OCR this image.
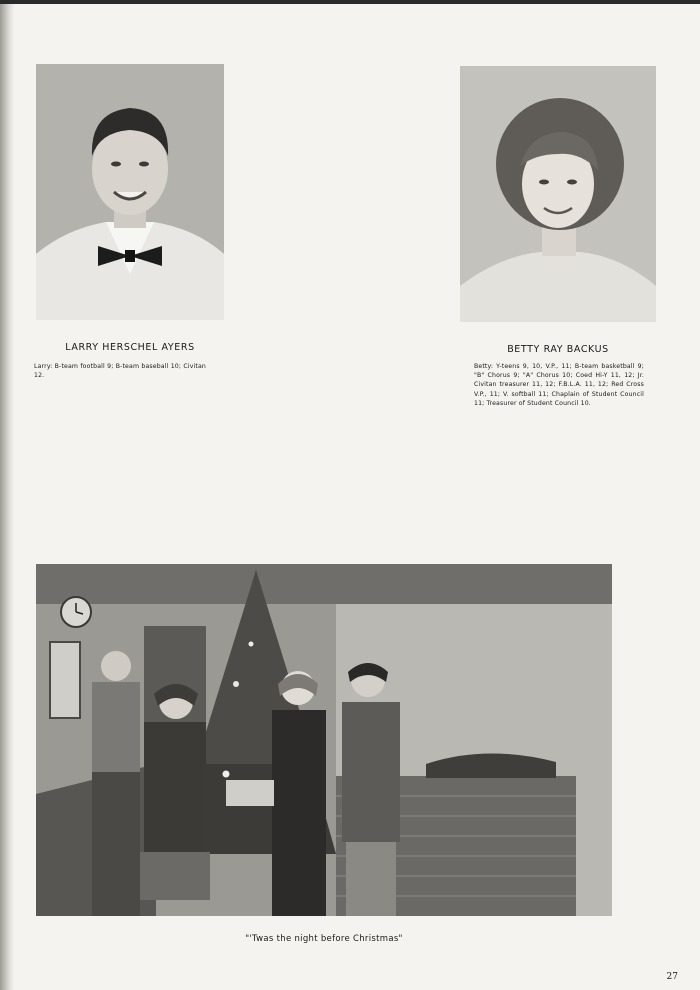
LARRY HERSCHEL AYERS
Larry: B-team football 9; B-team baseball 10; Civitan 12.
BETTY RAY BACKUS
Betty: Y-teens 9, 10, V.P., 11; B-team basketball 9; "B" Chorus 9; "A" Chorus 10; Coed Hi-Y 11, 12; Jr. Civitan treasurer 11, 12; F.B.L.A. 11, 12; Red Cross V.P., 11; V. softball 11; Chaplain of Student Council 11; Treasurer of Student Council 10.
"'Twas the night before Christmas"
27
